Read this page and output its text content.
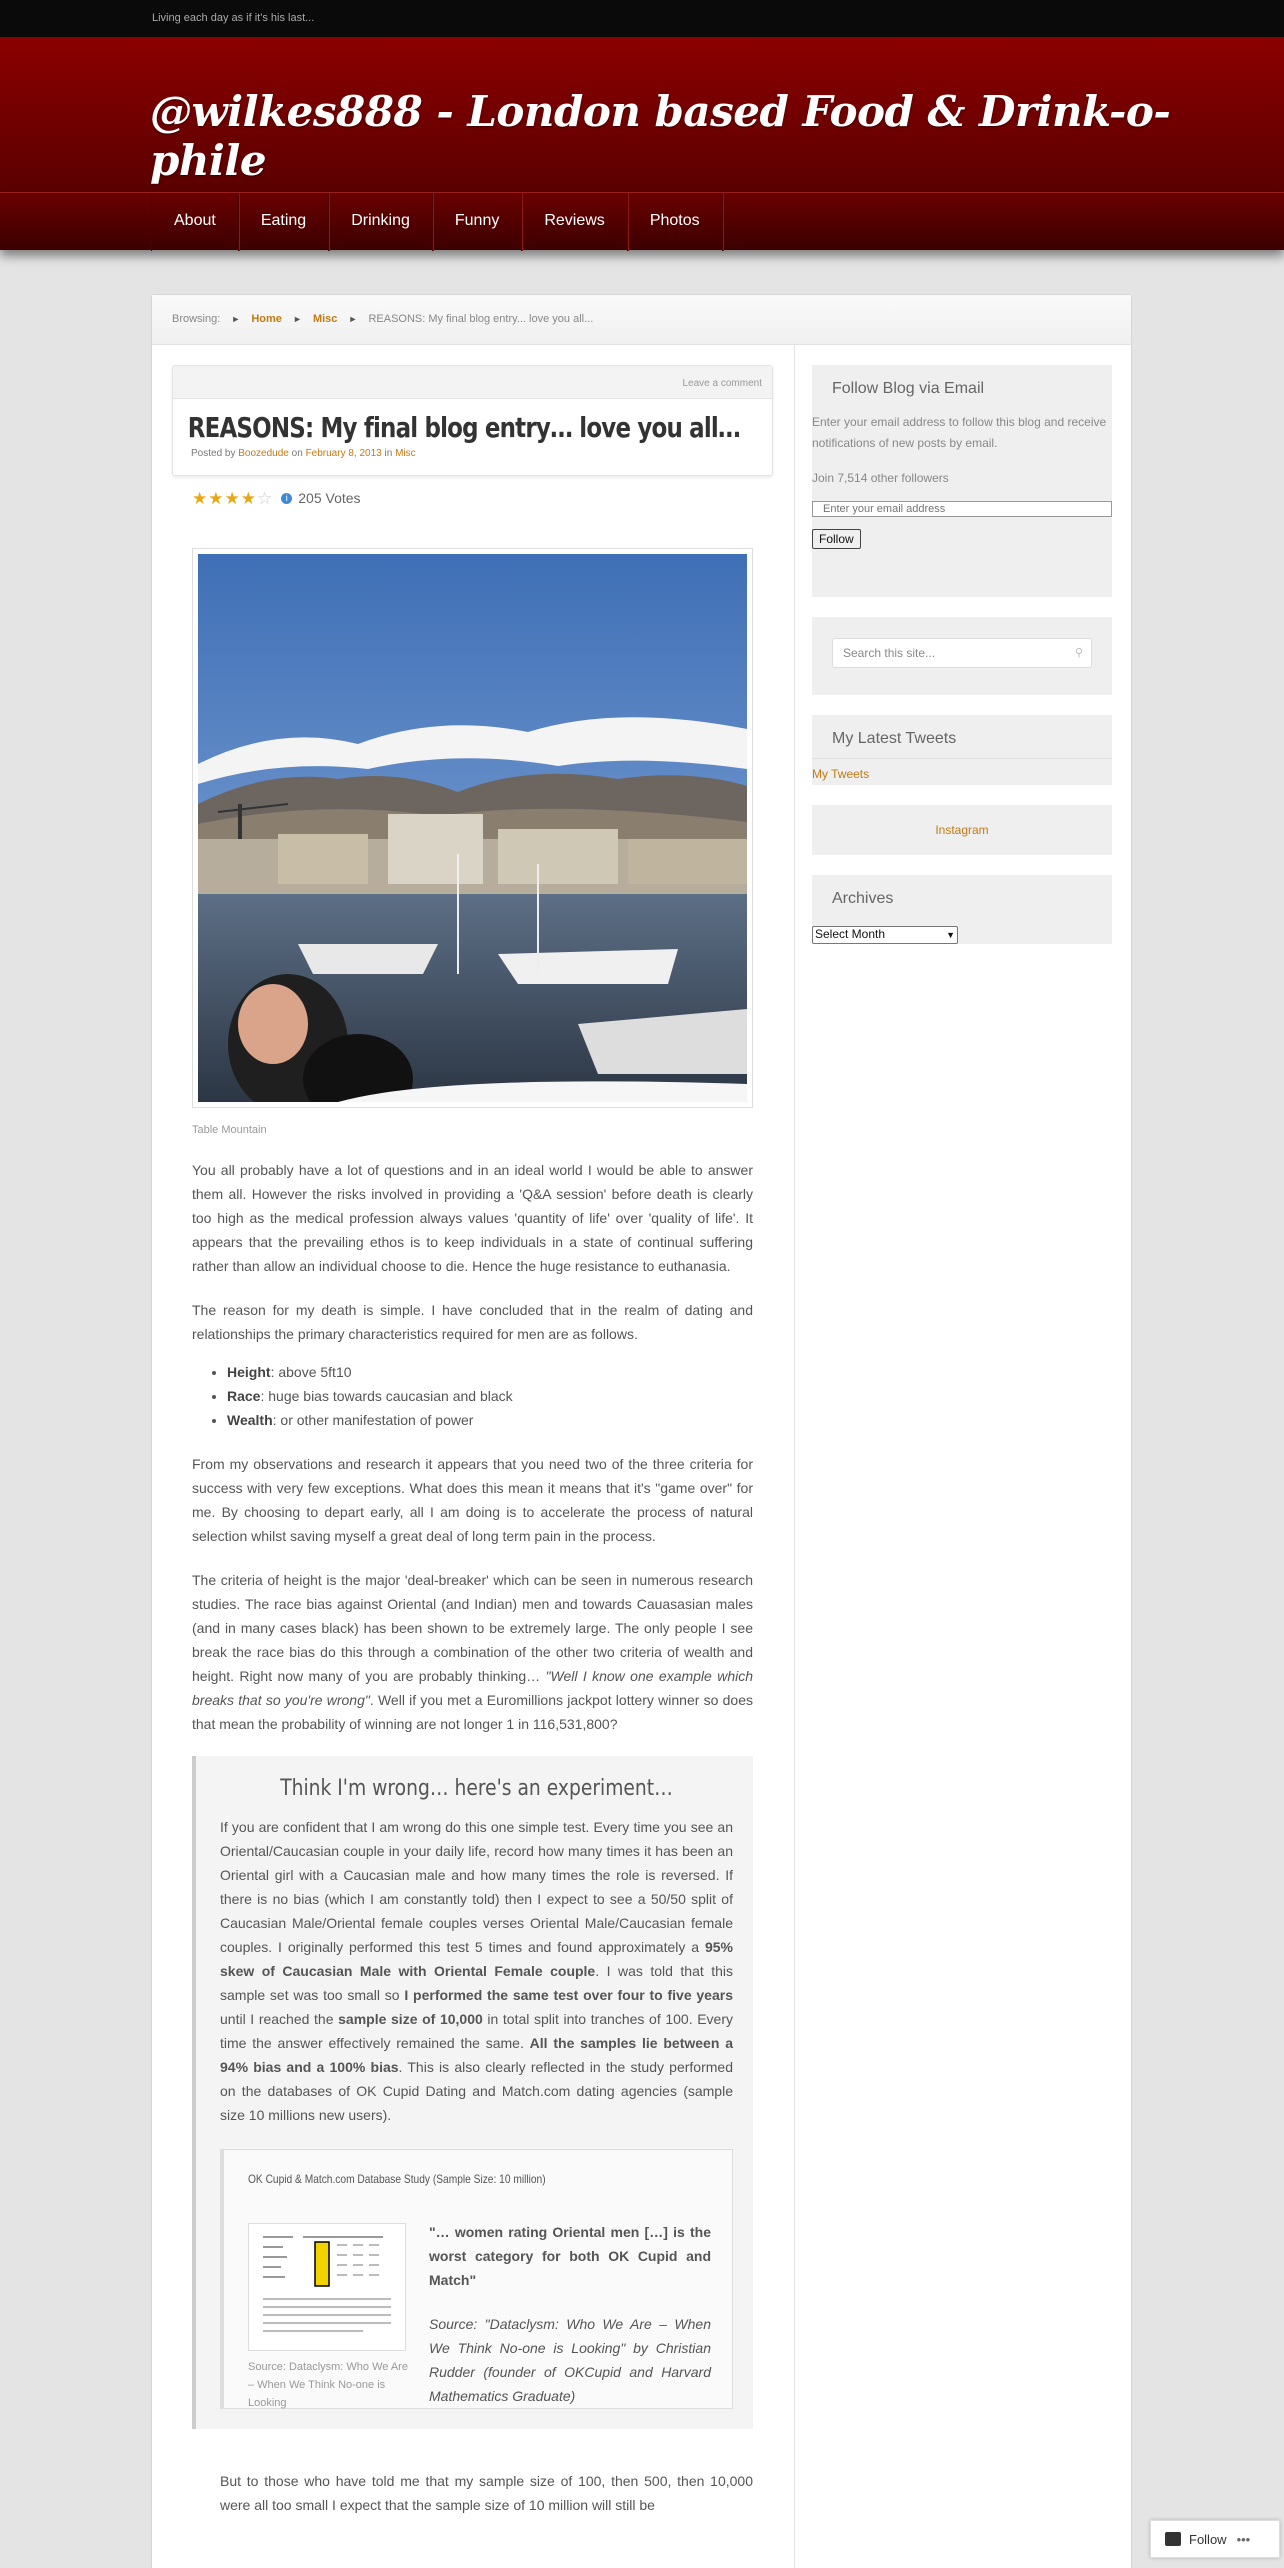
Living each day as if it's his last...
@wilkes888 - London based Food & Drink-o-phile
About	Eating	Drinking	Funny	Reviews	Photos
Browsing: ► Home ► Misc ► REASONS: My final blog entry... love you all...
Leave a comment
REASONS: My final blog entry… love you all…
Posted by Boozedude on February 8, 2013 in Misc
★ ★ ★ ★ ☆	i 205 Votes
Table Mountain

You all probably have a lot of questions and in an ideal world I would be able to answer them all. However the risks involved in providing a 'Q&A session' before death is clearly too high as the medical profession always values 'quantity of life' over 'quality of life'. It appears that the prevailing ethos is to keep individuals in a state of continual suffering rather than allow an individual choose to die. Hence the huge resistance to euthanasia.

The reason for my death is simple. I have concluded that in the realm of dating and relationships the primary characteristics required for men are as follows.

• Height: above 5ft10
• Race: huge bias towards caucasian and black
• Wealth: or other manifestation of power

From my observations and research it appears that you need two of the three criteria for success with very few exceptions. What does this mean it means that it's "game over" for me. By choosing to depart early, all I am doing is to accelerate the process of natural selection whilst saving myself a great deal of long term pain in the process.

The criteria of height is the major 'deal-breaker' which can be seen in numerous research studies. The race bias against Oriental (and Indian) men and towards Cauasasian males (and in many cases black) has been shown to be extremely large. The only people I see break the race bias do this through a combination of the other two criteria of wealth and height. Right now many of you are probably thinking… "Well I know one example which breaks that so you're wrong". Well if you met a Euromillions jackpot lottery winner so does that mean the probability of winning are not longer 1 in 116,531,800?

Think I'm wrong… here's an experiment…

If you are confident that I am wrong do this one simple test. Every time you see an Oriental/Caucasian couple in your daily life, record how many times it has been an Oriental girl with a Caucasian male and how many times the role is reversed. If there is no bias (which I am constantly told) then I expect to see a 50/50 split of Caucasian Male/Oriental female couples verses Oriental Male/Caucasian female couples. I originally performed this test 5 times and found approximately a 95% skew of Caucasian Male with Oriental Female couple. I was told that this sample set was too small so I performed the same test over four to five years until I reached the sample size of 10,000 in total split into tranches of 100. Every time the answer effectively remained the same. All the samples lie between a 94% bias and a 100% bias. This is also clearly reflected in the study performed on the databases of OK Cupid Dating and Match.com dating agencies (sample size 10 millions new users).

OK Cupid & Match.com Database Study (Sample Size: 10 million)
Source: Dataclysm: Who We Are – When We Think No-one is Looking
"… women rating Oriental men […] is the worst category for both OK Cupid and Match"
Source: "Dataclysm: Who We Are – When We Think No-one is Looking" by Christian Rudder (founder of OKCupid and Harvard Mathematics Graduate)
But to those who have told me that my sample size of 100, then 500, then 10,000 were all too small I expect that the sample size of 10 million will still be
Follow Blog via Email

Enter your email address to follow this blog and receive notifications of new posts by email.

Join 7,514 other followers

Enter your email address
Follow
Search this site...	⚲
My Latest Tweets
My Tweets
Instagram
Archives
Select Month	▼
Follow •••
